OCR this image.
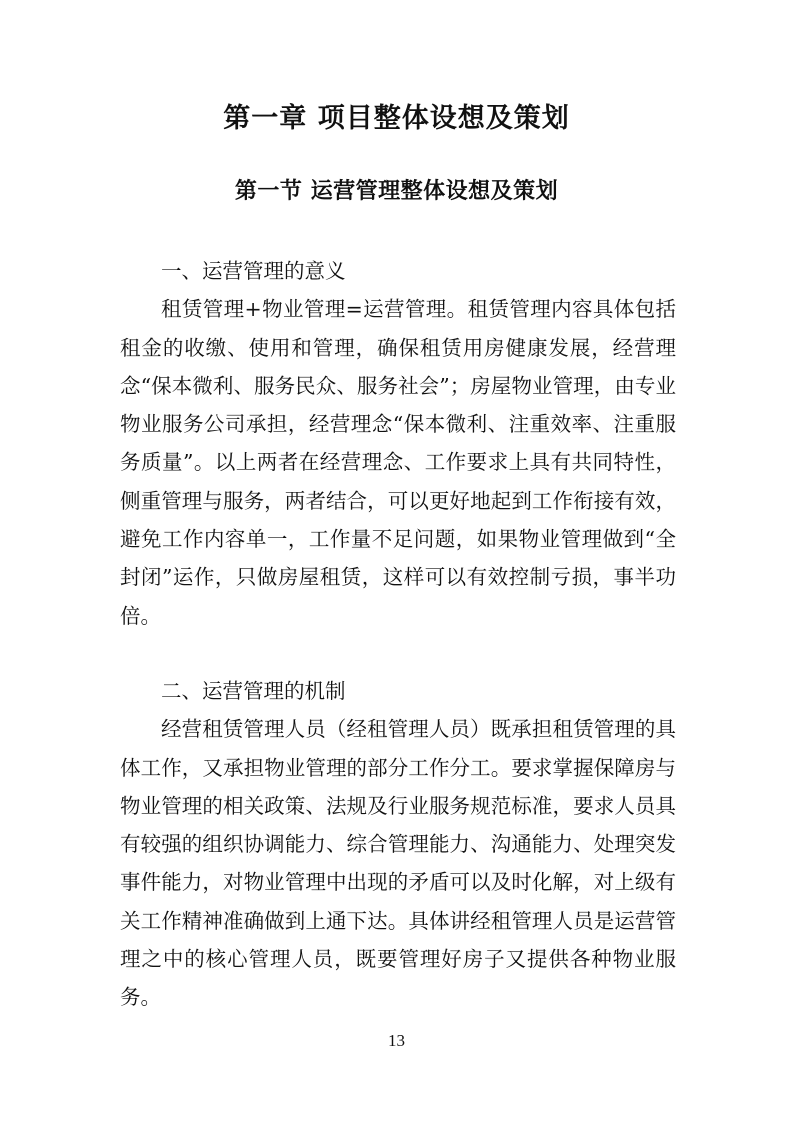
第一章 项目整体设想及策划
第一节 运营管理整体设想及策划

一、运营管理的意义

租赁管理+物业管理=运营管理。租赁管理内容具体包括租金的收缴、使用和管理，确保租赁用房健康发展，经营理念“保本微利、服务民众、服务社会”；房屋物业管理，由专业物业服务公司承担，经营理念“保本微利、注重效率、注重服务质量”。以上两者在经营理念、工作要求上具有共同特性，侧重管理与服务，两者结合，可以更好地起到工作衔接有效，避免工作内容单一，工作量不足问题，如果物业管理做到“全封闭”运作，只做房屋租赁，这样可以有效控制亏损，事半功倍。

二、运营管理的机制

经营租赁管理人员（经租管理人员）既承担租赁管理的具体工作，又承担物业管理的部分工作分工。要求掌握保障房与物业管理的相关政策、法规及行业服务规范标准，要求人员具有较强的组织协调能力、综合管理能力、沟通能力、处理突发事件能力，对物业管理中出现的矛盾可以及时化解，对上级有关工作精神准确做到上通下达。具体讲经租管理人员是运营管理之中的核心管理人员，既要管理好房子又提供各种物业服务。

13
